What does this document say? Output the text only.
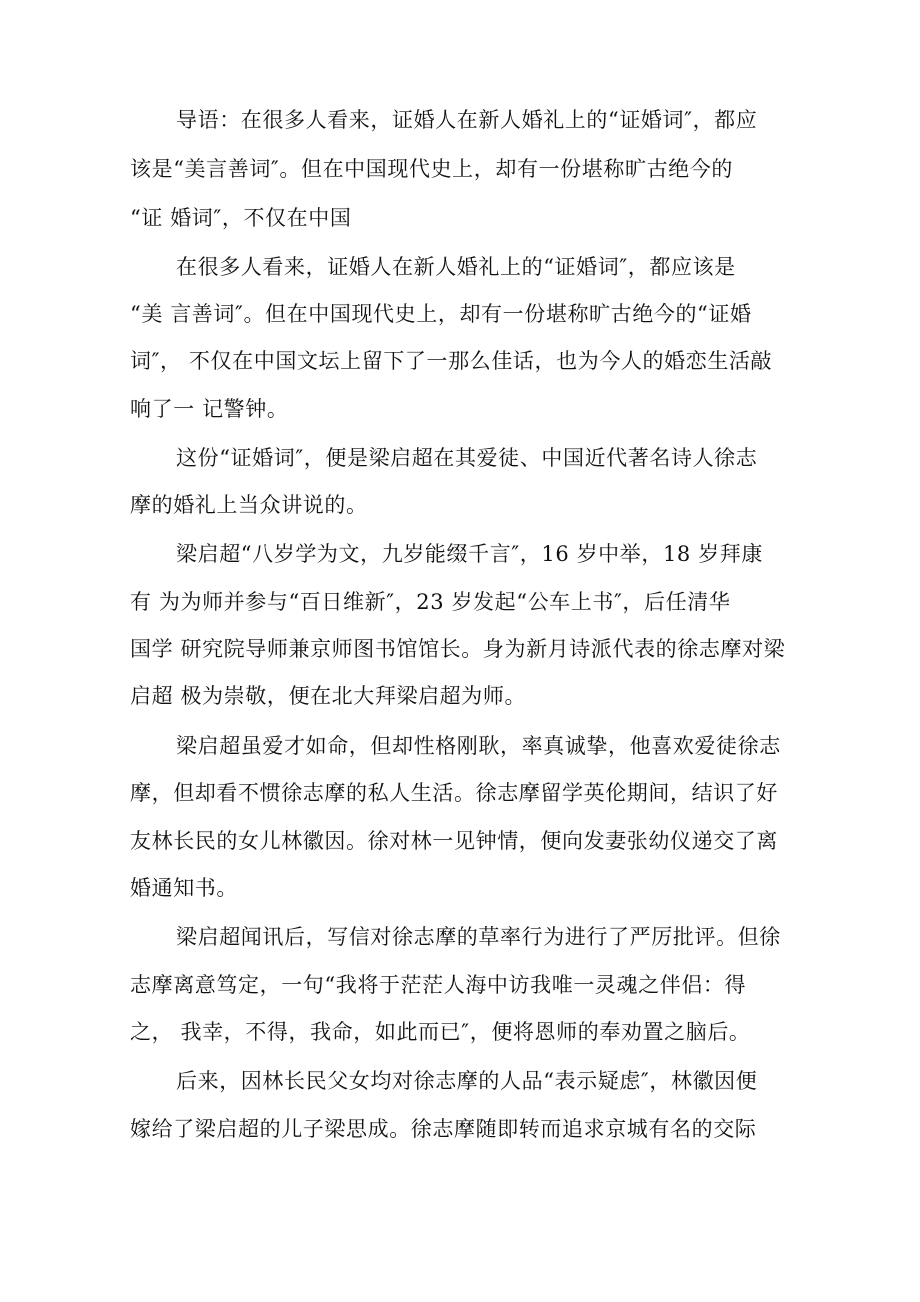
导语：在很多人看来，证婚人在新人婚礼上的“证婚词″，都应
该是“美言善词″。但在中国现代史上，却有一份堪称旷古绝今的
“证 婚词″，不仅在中国
在很多人看来，证婚人在新人婚礼上的“证婚词″，都应该是
“美 言善词″。但在中国现代史上，却有一份堪称旷古绝今的“证婚
词″， 不仅在中国文坛上留下了一那么佳话，也为今人的婚恋生活敲
响了一 记警钟。
这份“证婚词″，便是梁启超在其爱徒、中国近代著名诗人徐志
摩的婚礼上当众讲说的。
梁启超“八岁学为文，九岁能缀千言″，16 岁中举，18 岁拜康
有 为为师并参与“百日维新″，23 岁发起“公车上书″，后任清华
国学 研究院导师兼京师图书馆馆长。身为新月诗派代表的徐志摩对梁
启超 极为崇敬，便在北大拜梁启超为师。
梁启超虽爱才如命，但却性格刚耿，率真诚挚，他喜欢爱徒徐志
摩，但却看不惯徐志摩的私人生活。徐志摩留学英伦期间，结识了好
友林长民的女儿林徽因。徐对林一见钟情，便向发妻张幼仪递交了离
婚通知书。
梁启超闻讯后，写信对徐志摩的草率行为进行了严厉批评。但徐
志摩离意笃定，一句“我将于茫茫人海中访我唯一灵魂之伴侣：得
之， 我幸，不得，我命，如此而已″，便将恩师的奉劝置之脑后。
后来，因林长民父女均对徐志摩的人品“表示疑虑″，林徽因便
嫁给了梁启超的儿子梁思成。徐志摩随即转而追求京城有名的交际
